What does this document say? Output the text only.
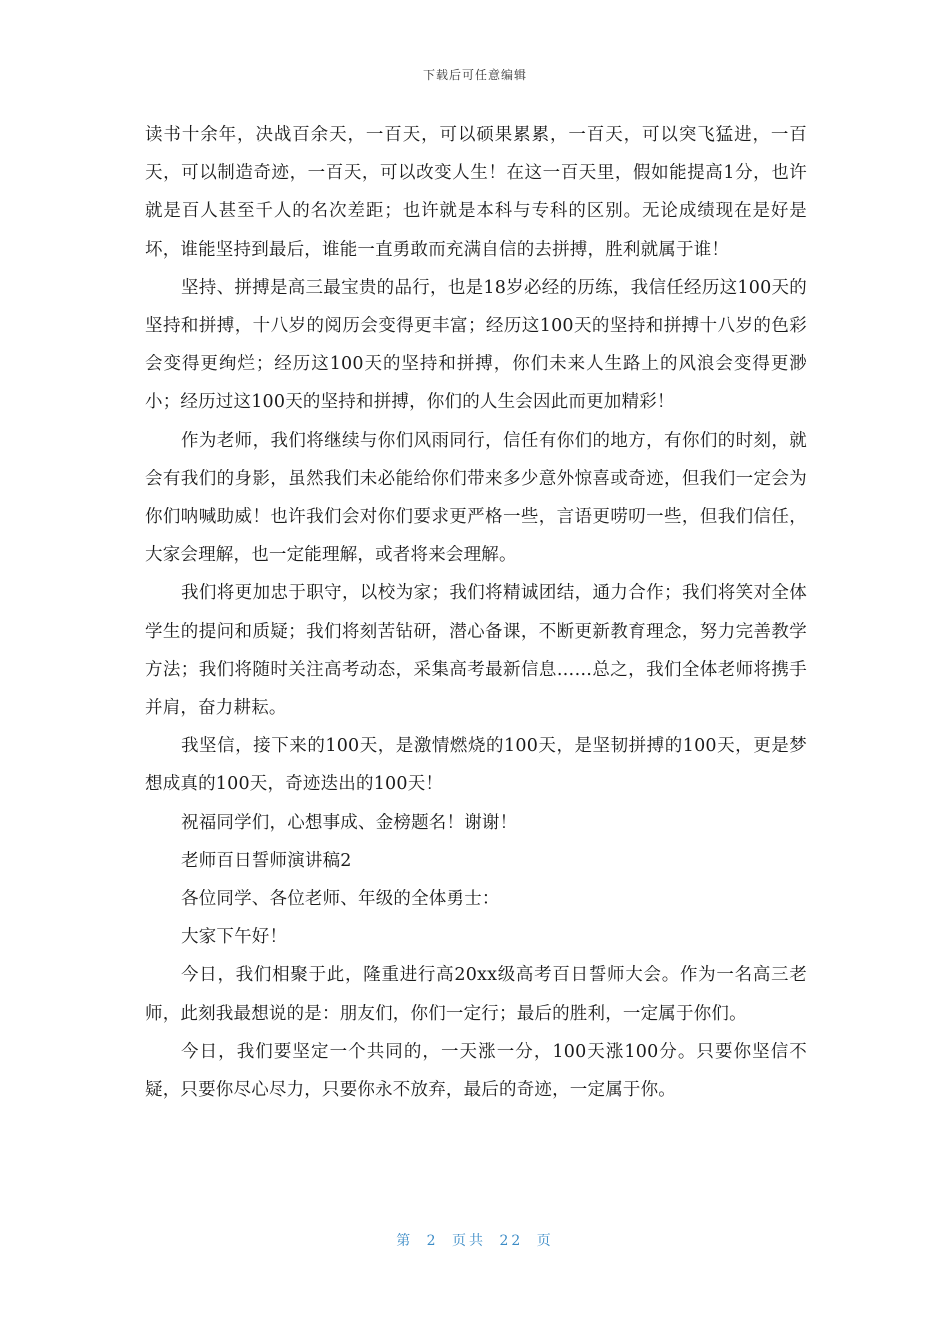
下载后可任意编辑

读书十余年，决战百余天，一百天，可以硕果累累，一百天，可以突飞猛进，一百天，可以制造奇迹，一百天，可以改变人生！在这一百天里，假如能提高1分，也许就是百人甚至千人的名次差距；也许就是本科与专科的区别。无论成绩现在是好是坏，谁能坚持到最后，谁能一直勇敢而充满自信的去拼搏，胜利就属于谁！

坚持、拼搏是高三最宝贵的品行，也是18岁必经的历练，我信任经历这100天的坚持和拼搏，十八岁的阅历会变得更丰富；经历这100天的坚持和拼搏十八岁的色彩会变得更绚烂；经历这100天的坚持和拼搏，你们未来人生路上的风浪会变得更渺小；经历过这100天的坚持和拼搏，你们的人生会因此而更加精彩！

作为老师，我们将继续与你们风雨同行，信任有你们的地方，有你们的时刻，就会有我们的身影，虽然我们未必能给你们带来多少意外惊喜或奇迹，但我们一定会为你们呐喊助威！也许我们会对你们要求更严格一些，言语更唠叨一些，但我们信任，大家会理解，也一定能理解，或者将来会理解。

我们将更加忠于职守，以校为家；我们将精诚团结，通力合作；我们将笑对全体学生的提问和质疑；我们将刻苦钻研，潜心备课，不断更新教育理念，努力完善教学方法；我们将随时关注高考动态，采集高考最新信息……总之，我们全体老师将携手并肩，奋力耕耘。

我坚信，接下来的100天，是激情燃烧的100天，是坚韧拼搏的100天，更是梦想成真的100天，奇迹迭出的100天！

祝福同学们，心想事成、金榜题名！谢谢！

老师百日誓师演讲稿2

各位同学、各位老师、年级的全体勇士：

大家下午好！

今日，我们相聚于此，隆重进行高20xx级高考百日誓师大会。作为一名高三老师，此刻我最想说的是：朋友们，你们一定行；最后的胜利，一定属于你们。

今日，我们要坚定一个共同的，一天涨一分，100天涨100分。只要你坚信不疑，只要你尽心尽力，只要你永不放弃，最后的奇迹，一定属于你。

第 2 页共 22 页
